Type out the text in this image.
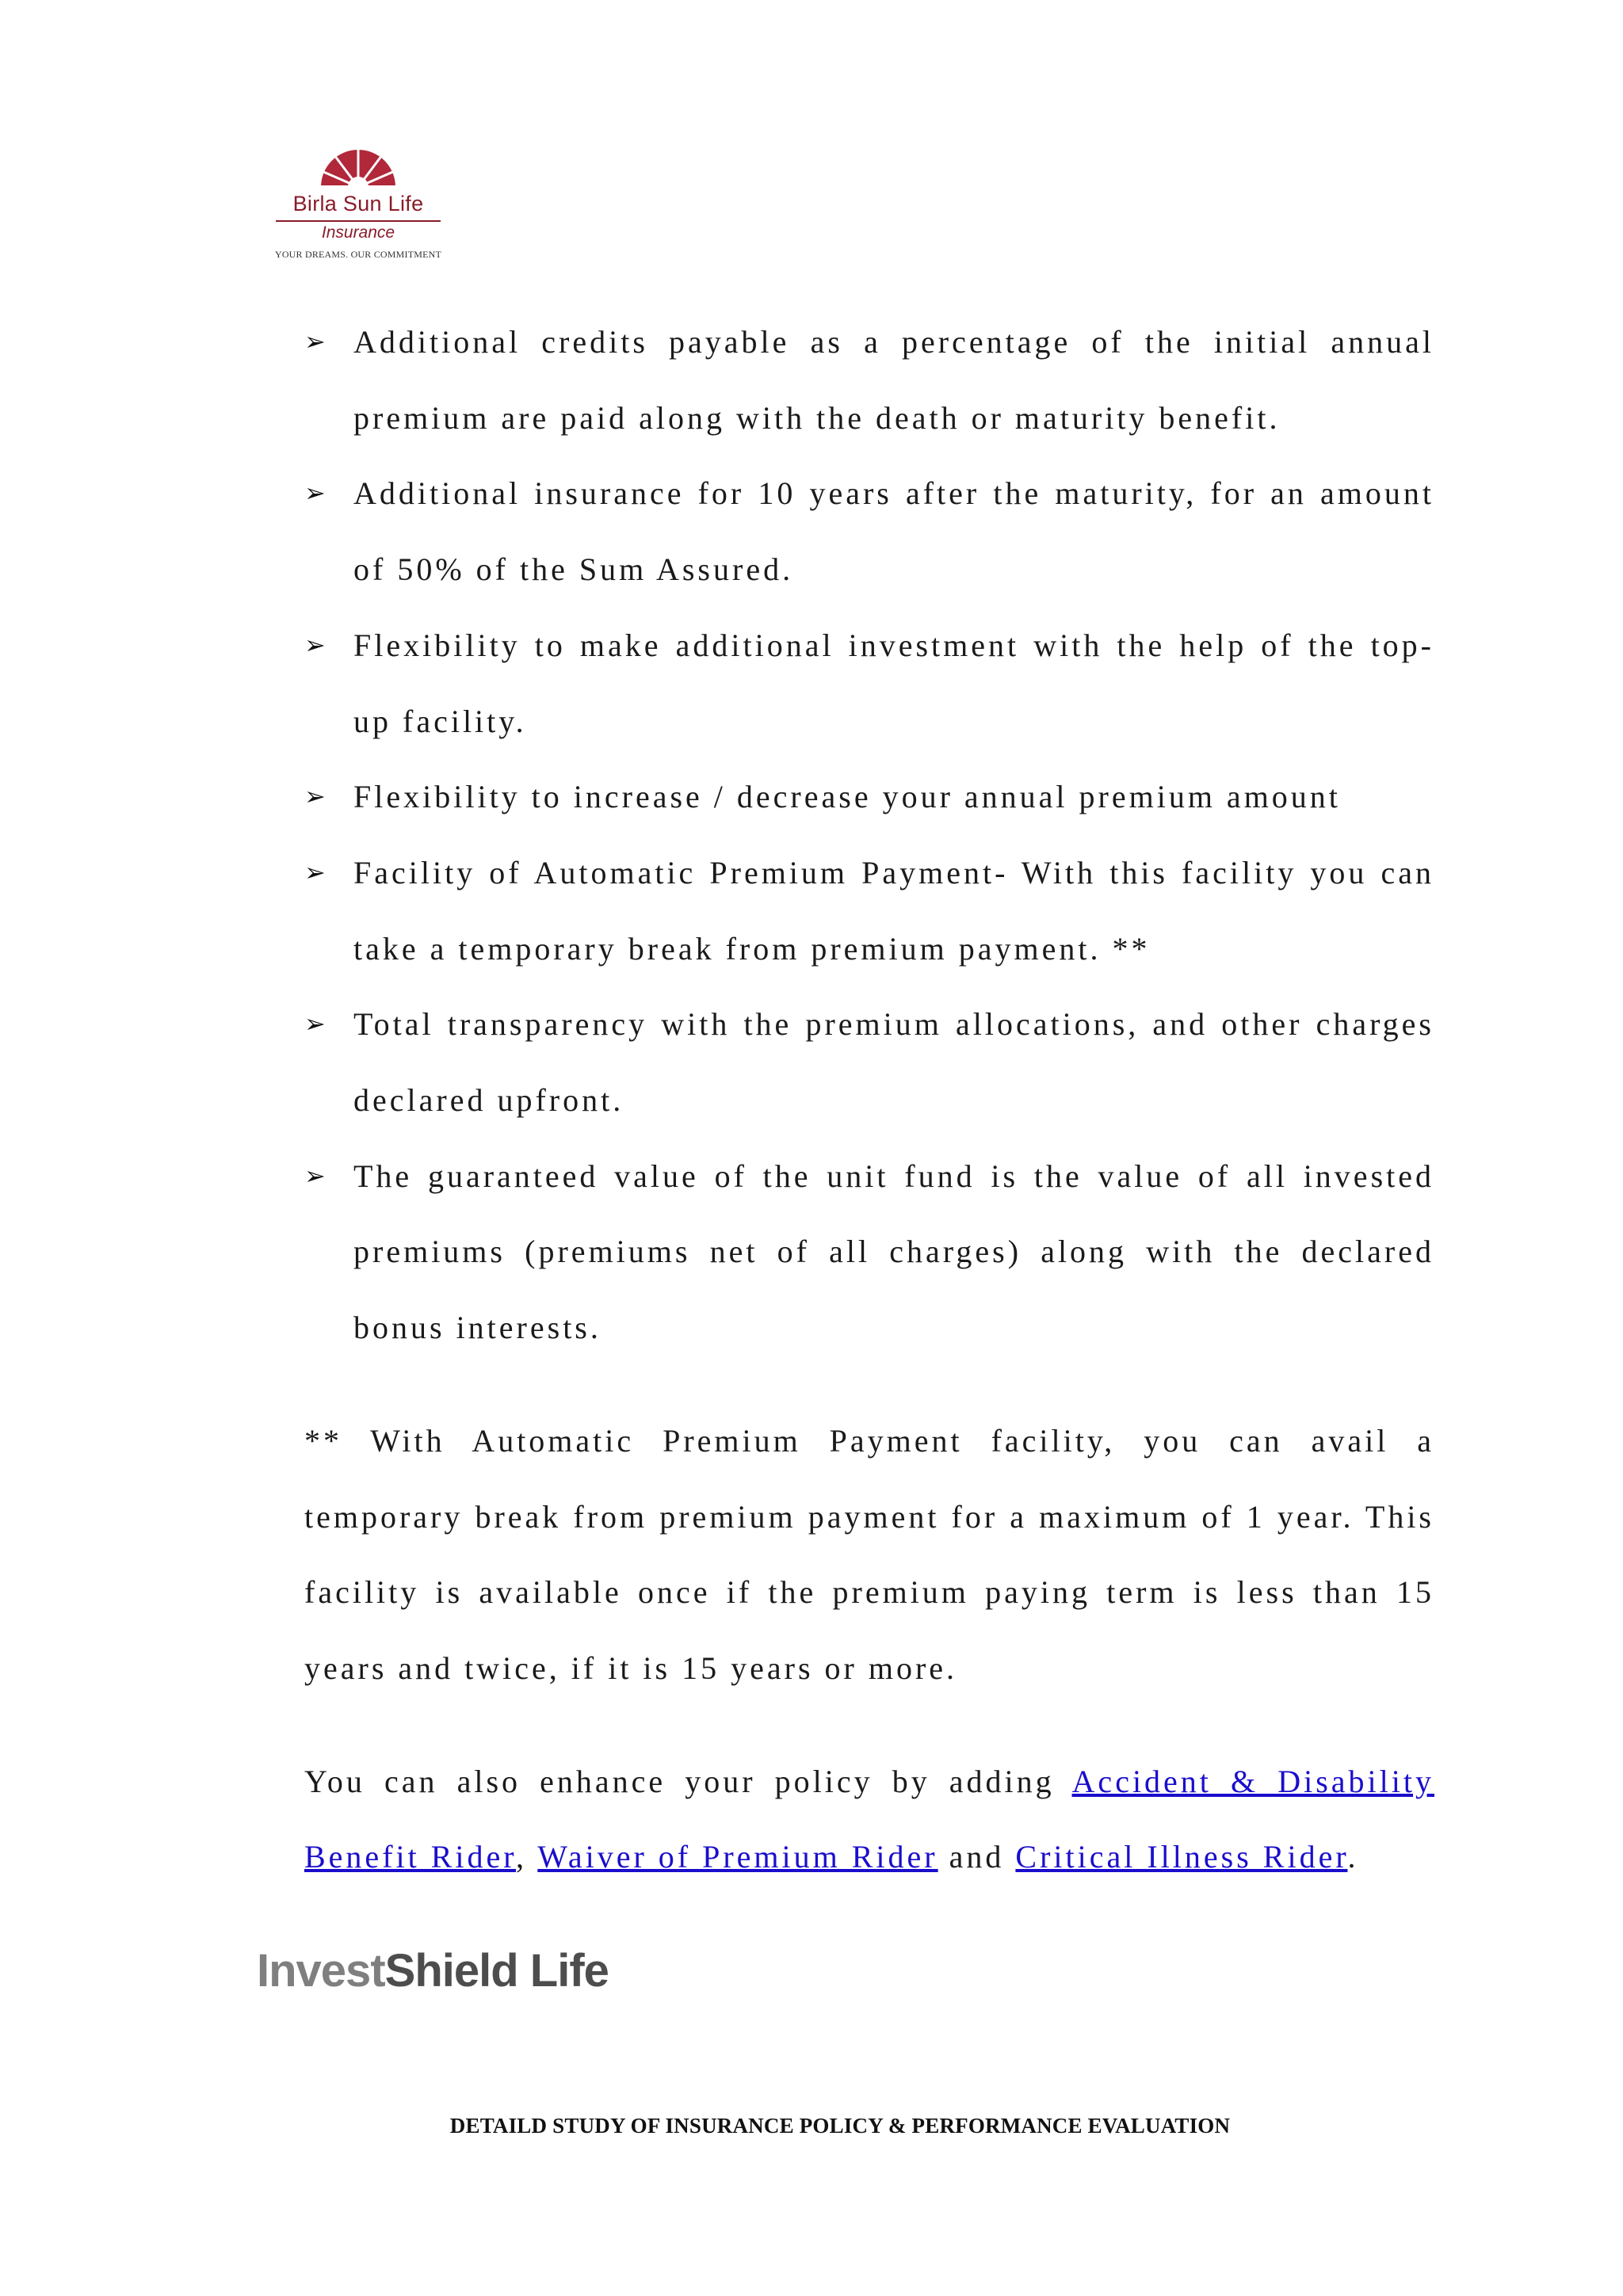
Birla Sun Life
Insurance
YOUR DREAMS. OUR COMMITMENT
➢ Additional credits payable as a percentage of the initial annual premium are paid along with the death or maturity benefit.
➢ Additional insurance for 10 years after the maturity, for an amount of 50% of the Sum Assured.
➢ Flexibility to make additional investment with the help of the top-up facility.
➢ Flexibility to increase / decrease your annual premium amount
➢ Facility of Automatic Premium Payment- With this facility you can take a temporary break from premium payment. **
➢ Total transparency with the premium allocations, and other charges declared upfront.
➢ The guaranteed value of the unit fund is the value of all invested premiums (premiums net of all charges) along with the declared bonus interests.

** With Automatic Premium Payment facility, you can avail a temporary break from premium payment for a maximum of 1 year. This facility is available once if the premium paying term is less than 15 years and twice, if it is 15 years or more.

You can also enhance your policy by adding Accident & Disability Benefit Rider, Waiver of Premium Rider and Critical Illness Rider.

InvestShield Life
DETAILD STUDY OF INSURANCE POLICY & PERFORMANCE EVALUATION
